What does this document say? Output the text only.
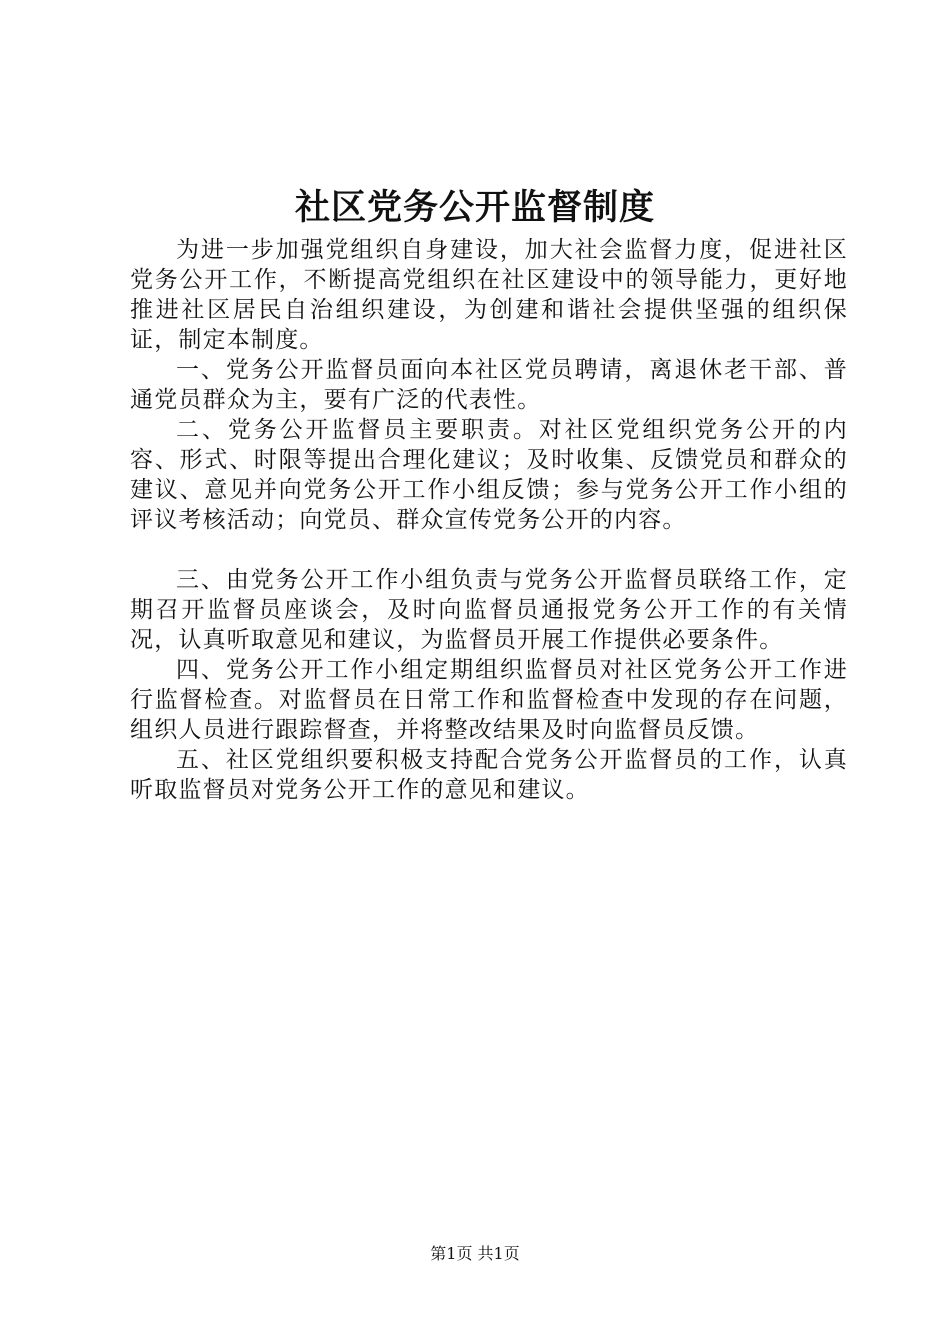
社区党务公开监督制度

为进一步加强党组织自身建设，加大社会监督力度，促进社区党务公开工作，不断提高党组织在社区建设中的领导能力，更好地推进社区居民自治组织建设，为创建和谐社会提供坚强的组织保证，制定本制度。

一、党务公开监督员面向本社区党员聘请，离退休老干部、普通党员群众为主，要有广泛的代表性。

二、党务公开监督员主要职责。对社区党组织党务公开的内容、形式、时限等提出合理化建议；及时收集、反馈党员和群众的建议、意见并向党务公开工作小组反馈；参与党务公开工作小组的评议考核活动；向党员、群众宣传党务公开的内容。

三、由党务公开工作小组负责与党务公开监督员联络工作，定期召开监督员座谈会，及时向监督员通报党务公开工作的有关情况，认真听取意见和建议，为监督员开展工作提供必要条件。

四、党务公开工作小组定期组织监督员对社区党务公开工作进行监督检查。对监督员在日常工作和监督检查中发现的存在问题，组织人员进行跟踪督查，并将整改结果及时向监督员反馈。

五、社区党组织要积极支持配合党务公开监督员的工作，认真听取监督员对党务公开工作的意见和建议。

第1页 共1页
